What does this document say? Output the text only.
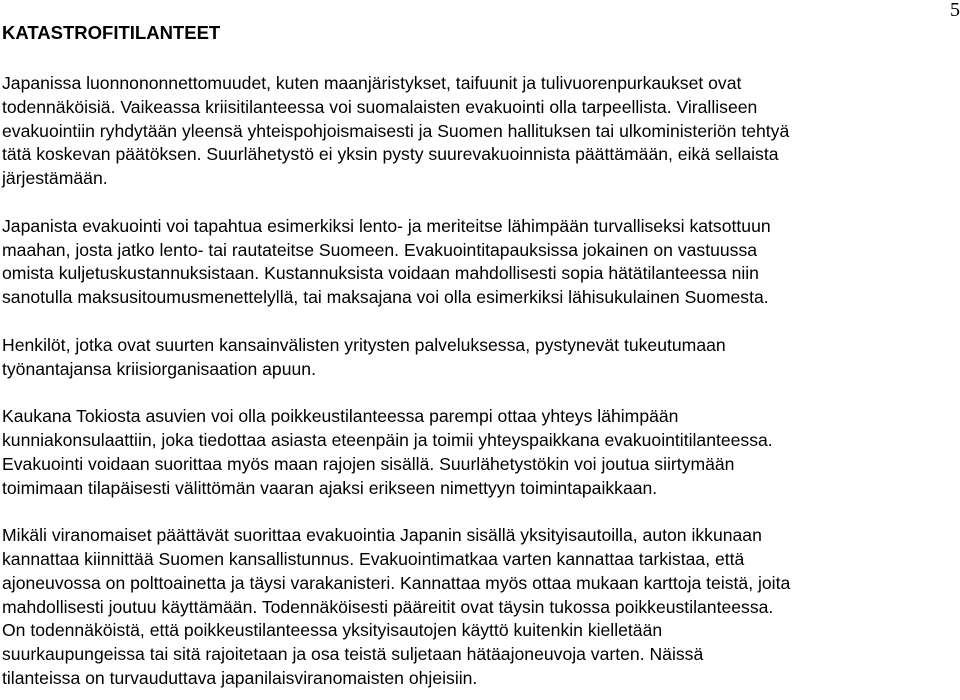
5
KATASTROFITILANTEET

Japanissa luonnononnettomuudet, kuten maanjäristykset, taifuunit ja tulivuorenpurkaukset ovat
todennäköisiä. Vaikeassa kriisitilanteessa voi suomalaisten evakuointi olla tarpeellista. Viralliseen
evakuointiin ryhdytään yleensä yhteispohjoismaisesti ja Suomen hallituksen tai ulkoministeriön tehtyä
tätä koskevan päätöksen. Suurlähetystö ei yksin pysty suurevakuoinnista päättämään, eikä sellaista
järjestämään.

Japanista evakuointi voi tapahtua esimerkiksi lento- ja meriteitse lähimpään turvalliseksi katsottuun
maahan, josta jatko lento- tai rautateitse Suomeen. Evakuointitapauksissa jokainen on vastuussa
omista kuljetuskustannuksistaan. Kustannuksista voidaan mahdollisesti sopia hätätilanteessa niin
sanotulla maksusitoumusmenettelyllä, tai maksajana voi olla esimerkiksi lähisukulainen Suomesta.

Henkilöt, jotka ovat suurten kansainvälisten yritysten palveluksessa, pystynevät tukeutumaan
työnantajansa kriisiorganisaation apuun.

Kaukana Tokiosta asuvien voi olla poikkeustilanteessa parempi ottaa yhteys lähimpään
kunniakonsulaattiin, joka tiedottaa asiasta eteenpäin ja toimii yhteyspaikkana evakuointitilanteessa.
Evakuointi voidaan suorittaa myös maan rajojen sisällä. Suurlähetystökin voi joutua siirtymään
toimimaan tilapäisesti välittömän vaaran ajaksi erikseen nimettyyn toimintapaikkaan.

Mikäli viranomaiset päättävät suorittaa evakuointia Japanin sisällä yksityisautoilla, auton ikkunaan
kannattaa kiinnittää Suomen kansallistunnus. Evakuointimatkaa varten kannattaa tarkistaa, että
ajoneuvossa on polttoainetta ja täysi varakanisteri. Kannattaa myös ottaa mukaan karttoja teistä, joita
mahdollisesti joutuu käyttämään. Todennäköisesti pääreitit ovat täysin tukossa poikkeustilanteessa.
On todennäköistä, että poikkeustilanteessa yksityisautojen käyttö kuitenkin kielletään
suurkaupungeissa tai sitä rajoitetaan ja osa teistä suljetaan hätäajoneuvoja varten. Näissä
tilanteissa on turvauduttava japanilaisviranomaisten ohjeisiin.
